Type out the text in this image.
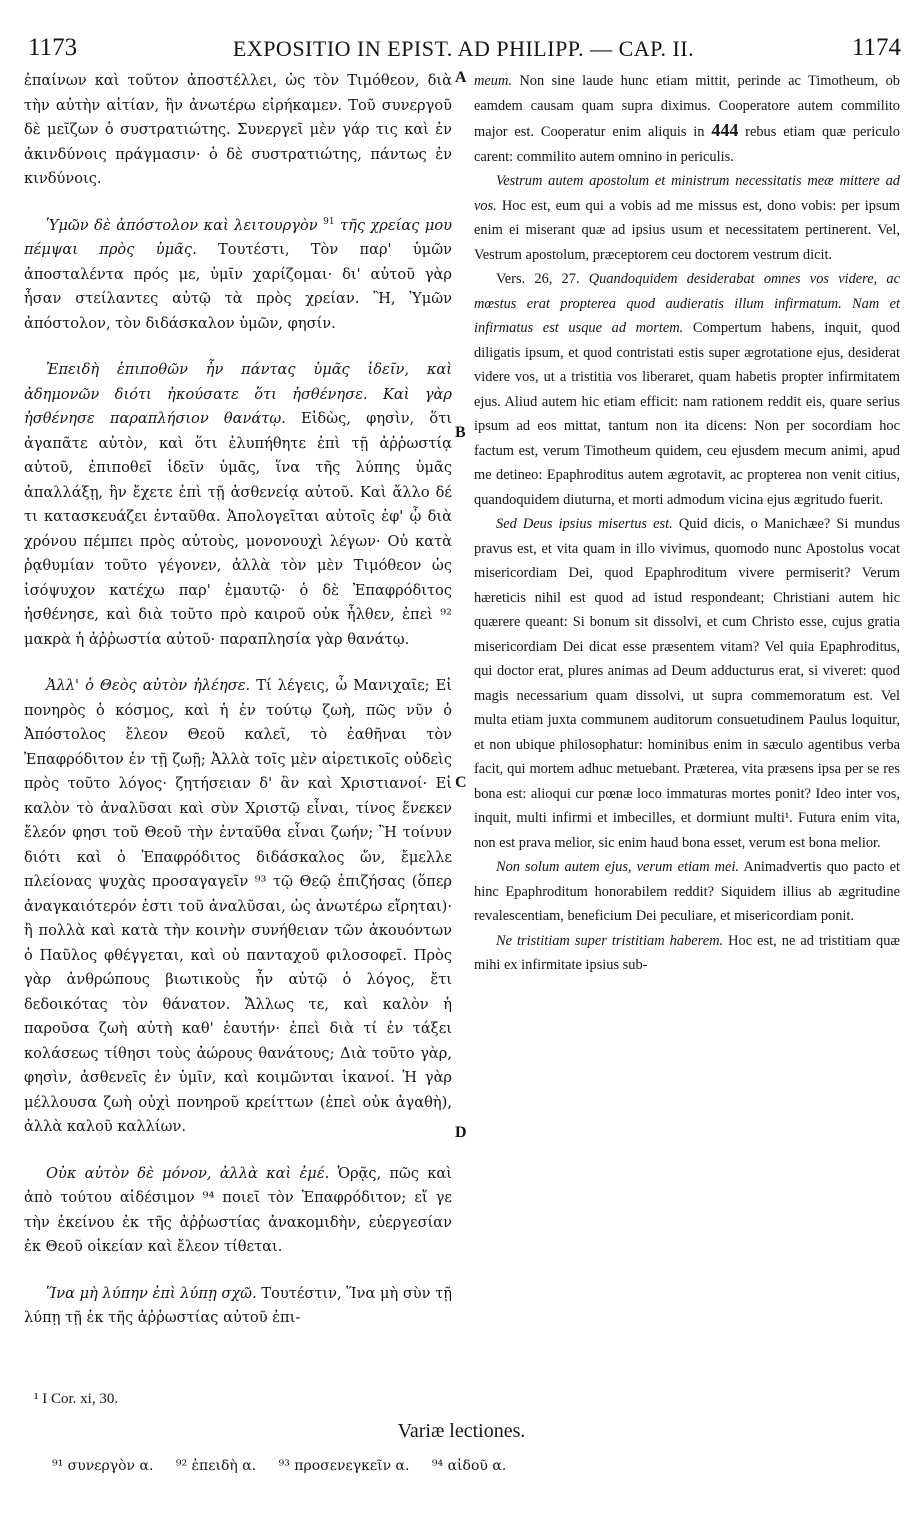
1173	EXPOSITIO IN EPIST. AD PHILIPP. — CAP. II.	1174
A
B
C
D

ἐπαίνων καὶ τοῦτον ἀποστέλλει, ὡς τὸν Τιμόθεον, διὰ τὴν αὐτὴν αἰτίαν, ἣν ἀνωτέρω εἰρήκαμεν. Τοῦ συνεργοῦ δὲ μεῖζων ὁ συστρατιώτης. Συνεργεῖ μὲν γάρ τις καὶ ἐν ἀκινδύνοις πράγμασιν· ὁ δὲ συστρατιώτης, πάντως ἐν κινδύνοις.

Ὑμῶν δὲ ἀπόστολον καὶ λειτουργὸν $^{91}$ τῆς χρείας μου πέμψαι πρὸς ὑμᾶς. Τουτέστι, Τὸν παρ' ὑμῶν ἀποσταλέντα πρός με, ὑμῖν χαρίζομαι· δι' αὐτοῦ γὰρ ἦσαν στείλαντες αὐτῷ τὰ πρὸς χρείαν. Ἢ, Ὑμῶν ἀπόστολον, τὸν διδάσκαλον ὑμῶν, φησίν.

Ἐπειδὴ ἐπιποθῶν ἦν πάντας ὑμᾶς ἰδεῖν, καὶ ἀδημονῶν διότι ἠκούσατε ὅτι ἠσθένησε. Καὶ γὰρ ἠσθένησε παραπλήσιον θανάτῳ. Εἰδὼς, φησὶν, ὅτι ἀγαπᾶτε αὐτὸν, καὶ ὅτι ἐλυπήθητε ἐπὶ τῇ ἀῤῥωστίᾳ αὐτοῦ, ἐπιποθεῖ ἰδεῖν ὑμᾶς, ἵνα τῆς λύπης ὑμᾶς ἀπαλλάξῃ, ἣν ἔχετε ἐπὶ τῇ ἀσθενείᾳ αὐτοῦ. Καὶ ἄλλο δέ τι κατασκευάζει ἐνταῦθα. Ἀπολογεῖται αὐτοῖς ἐφ' ᾧ διὰ χρόνου πέμπει πρὸς αὐτοὺς, μονονουχὶ λέγων· Οὐ κατὰ ῥᾳθυμίαν τοῦτο γέγονεν, ἀλλὰ τὸν μὲν Τιμόθεον ὡς ἰσόψυχον κατέχω παρ' ἐμαυτῷ· ὁ δὲ Ἐπαφρόδιτος ἠσθένησε, καὶ διὰ τοῦτο πρὸ καιροῦ οὐκ ἦλθεν, ἐπεὶ ⁹² μακρὰ ἡ ἀῤῥωστία αὐτοῦ· παραπλησία γὰρ θανάτῳ.

Ἀλλ' ὁ Θεὸς αὐτὸν ἠλέησε. Τί λέγεις, ὦ Μανιχαῖε; Εἰ πονηρὸς ὁ κόσμος, καὶ ἡ ἐν τούτῳ ζωὴ, πῶς νῦν ὁ Ἀπόστολος ἔλεον Θεοῦ καλεῖ, τὸ ἐαθῆναι τὸν Ἐπαφρόδιτον ἐν τῇ ζωῇ; Ἀλλὰ τοῖς μὲν αἱρετικοῖς οὐδεὶς πρὸς τοῦτο λόγος· ζητήσειαν δ' ἂν καὶ Χριστιανοί· Εἰ καλὸν τὸ ἀναλῦσαι καὶ σὺν Χριστῷ εἶναι, τίνος ἕνεκεν ἔλεόν φησι τοῦ Θεοῦ τὴν ἐνταῦθα εἶναι ζωήν; Ἢ τοίνυν διότι καὶ ὁ Ἐπαφρόδιτος διδάσκαλος ὤν, ἔμελλε πλείονας ψυχὰς προσαγαγεῖν ⁹³ τῷ Θεῷ ἐπιζήσας (ὅπερ ἀναγκαιότερόν ἐστι τοῦ ἀναλῦσαι, ὡς ἀνωτέρω εἴρηται)· ἢ πολλὰ καὶ κατὰ τὴν κοινὴν συνήθειαν τῶν ἀκουόντων ὁ Παῦλος φθέγγεται, καὶ οὐ πανταχοῦ φιλοσοφεῖ. Πρὸς γὰρ ἀνθρώπους βιωτικοὺς ἦν αὐτῷ ὁ λόγος, ἔτι δεδοικότας τὸν θάνατον. Ἄλλως τε, καὶ καλὸν ἡ παροῦσα ζωὴ αὐτὴ καθ' ἑαυτήν· ἐπεὶ διὰ τί ἐν τάξει κολάσεως τίθησι τοὺς ἀώρους θανάτους; Διὰ τοῦτο γὰρ, φησὶν, ἀσθενεῖς ἐν ὑμῖν, καὶ κοιμῶνται ἱκανοί. Ἡ γὰρ μέλλουσα ζωὴ οὐχὶ πονηροῦ κρείττων (ἐπεὶ οὐκ ἀγαθὴ), ἀλλὰ καλοῦ καλλίων.

Οὐκ αὐτὸν δὲ μόνον, ἀλλὰ καὶ ἐμέ. Ὁρᾷς, πῶς καὶ ἀπὸ τούτου αἰδέσιμον ⁹⁴ ποιεῖ τὸν Ἐπαφρόδιτον; εἴ γε τὴν ἐκείνου ἐκ τῆς ἀῤῥωστίας ἀνακομιδὴν, εὐεργεσίαν ἐκ Θεοῦ οἰκείαν καὶ ἔλεον τίθεται.

Ἵνα μὴ λύπην ἐπὶ λύπῃ σχῶ. Τουτέστιν, Ἵνα μὴ σὺν τῇ λύπῃ τῇ ἐκ τῆς ἀῤῥωστίας αὐτοῦ ἐπι-

meum. Non sine laude hunc etiam mittit, perinde ac Timotheum, ob eamdem causam quam supra diximus. Cooperatore autem commilito major est. Cooperatur enim aliquis in 444 rebus etiam quæ periculo carent: commilito autem omnino in periculis.

Vestrum autem apostolum et ministrum necessitatis meæ mittere ad vos. Hoc est, eum qui a vobis ad me missus est, dono vobis: per ipsum enim ei miserant quæ ad ipsius usum et necessitatem pertinerent. Vel, Vestrum apostolum, præceptorem ceu doctorem vestrum dicit.

Vers. 26, 27. Quandoquidem desiderabat omnes vos videre, ac mœstus erat propterea quod audieratis illum infirmatum. Nam et infirmatus est usque ad mortem. Compertum habens, inquit, quod diligatis ipsum, et quod contristati estis super ægrotatione ejus, desiderat videre vos, ut a tristitia vos liberaret, quam habetis propter infirmitatem ejus. Aliud autem hic etiam efficit: nam rationem reddit eis, quare serius ipsum ad eos mittat, tantum non ita dicens: Non per socordiam hoc factum est, verum Timotheum quidem, ceu ejusdem mecum animi, apud me detineo: Epaphroditus autem ægrotavit, ac propterea non venit citius, quandoquidem diuturna, et morti admodum vicina ejus ægritudo fuerit.

Sed Deus ipsius misertus est. Quid dicis, o Manichæe? Si mundus pravus est, et vita quam in illo vivimus, quomodo nunc Apostolus vocat misericordiam Dei, quod Epaphroditum vivere permiserit? Verum hæreticis nihil est quod ad istud respondeant; Christiani autem hic quærere queant: Si bonum sit dissolvi, et cum Christo esse, cujus gratia misericordiam Dei dicat esse præsentem vitam? Vel quia Epaphroditus, qui doctor erat, plures animas ad Deum adducturus erat, si viveret: quod magis necessarium quam dissolvi, ut supra commemoratum est. Vel multa etiam juxta communem auditorum consuetudinem Paulus loquitur, et non ubique philosophatur: hominibus enim in sæculo agentibus verba facit, qui mortem adhuc metuebant. Præterea, vita præsens ipsa per se res bona est: alioqui cur pœnæ loco immaturas mortes ponit? Ideo inter vos, inquit, multi infirmi et imbecilles, et dormiunt multi¹. Futura enim vita, non est prava melior, sic enim haud bona esset, verum est bona melior.

Non solum autem ejus, verum etiam mei. Animadvertis quo pacto et hinc Epaphroditum honorabilem reddit? Siquidem illius ab ægritudine revalescentiam, beneficium Dei peculiare, et misericordiam ponit.

Ne tristitiam super tristitiam haberem. Hoc est, ne ad tristitiam quæ mihi ex infirmitate ipsius sub-

¹ I Cor. xi, 30.
Variæ lectiones.
⁹¹ συνεργὸν α. ⁹² ἐπειδὴ α. ⁹³ προσενεγκεῖν α. ⁹⁴ αἰδοῦ α.
